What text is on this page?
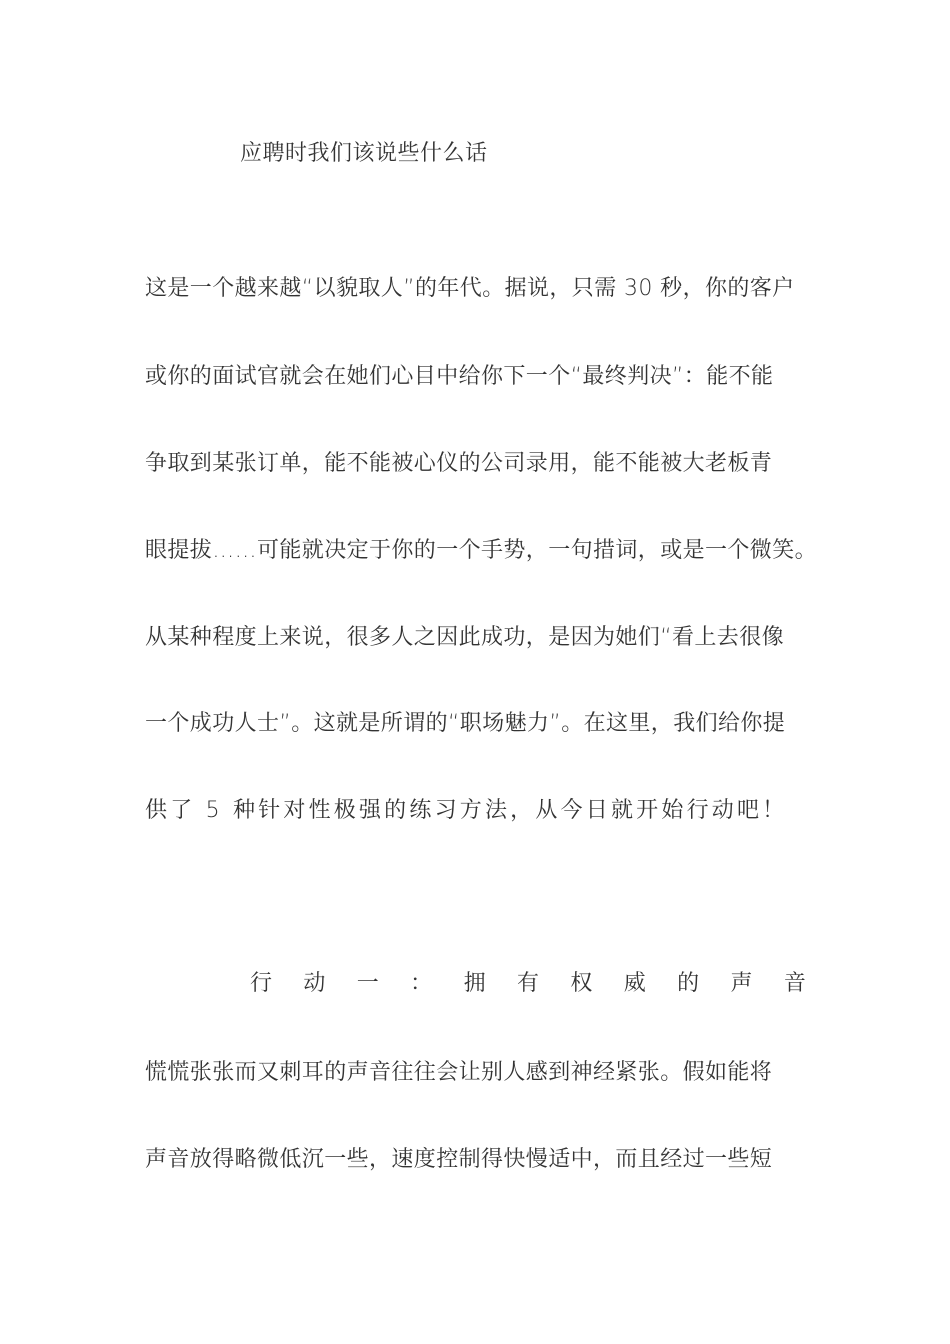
应聘时我们该说些什么话
这是一个越来越“以貌取人”的年代。据说，只需 30 秒，你的客户
或你的面试官就会在她们心目中给你下一个“最终判决”：能不能
争取到某张订单，能不能被心仪的公司录用，能不能被大老板青
眼提拔……可能就决定于你的一个手势，一句措词，或是一个微笑。
从某种程度上来说，很多人之因此成功，是因为她们“看上去很像
一个成功人士”。这就是所谓的“职场魅力”。在这里，我们给你提
供了 5 种针对性极强的练习方法，从今日就开始行动吧！
行 动 一 ： 拥 有 权 威 的 声 音
慌慌张张而又刺耳的声音往往会让别人感到神经紧张。假如能将
声音放得略微低沉一些，速度控制得快慢适中，而且经过一些短
